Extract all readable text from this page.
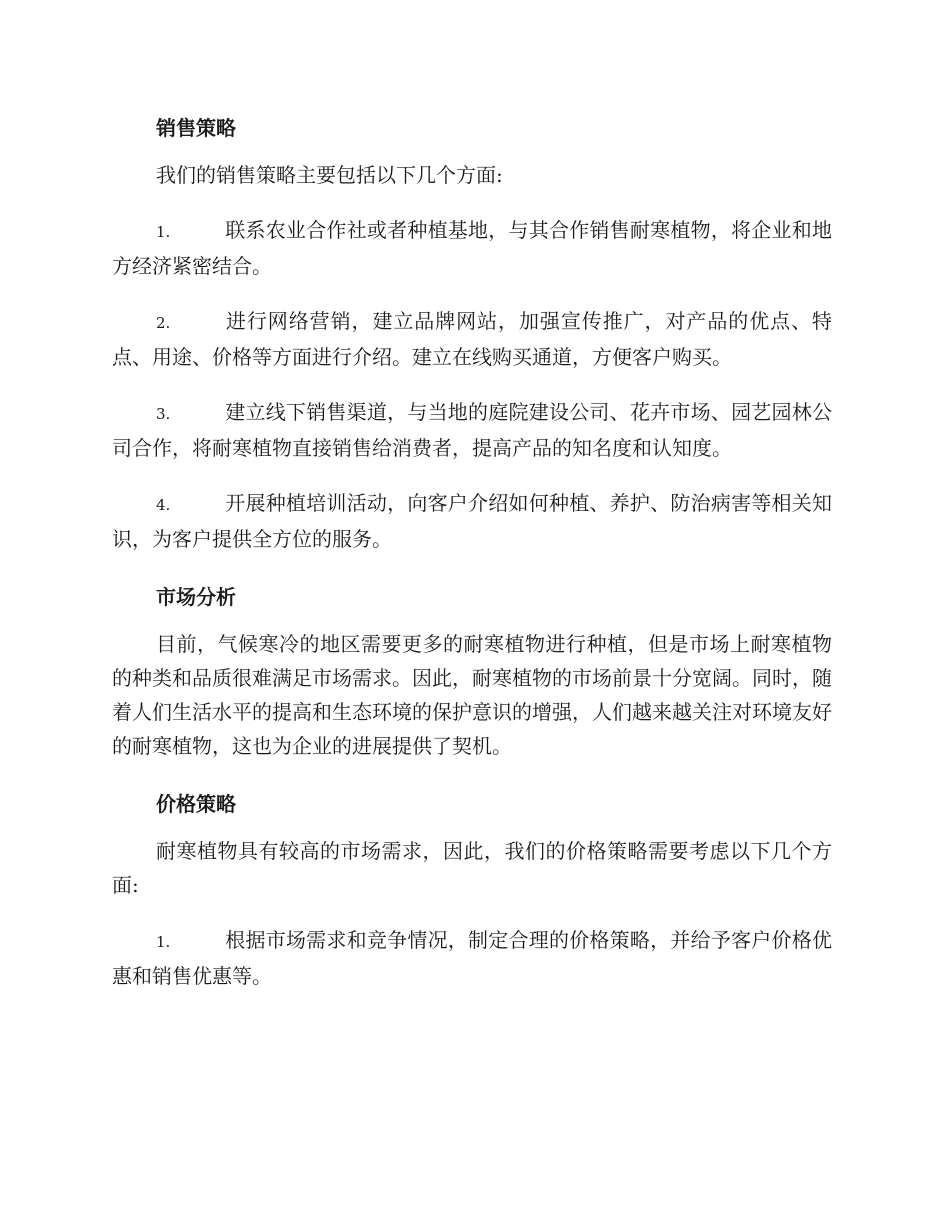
销售策略

我们的销售策略主要包括以下几个方面:

1.	联系农业合作社或者种植基地，与其合作销售耐寒植物，将企业和地方经济紧密结合。

2.	进行网络营销，建立品牌网站，加强宣传推广，对产品的优点、特点、用途、价格等方面进行介绍。建立在线购买通道，方便客户购买。

3.	建立线下销售渠道，与当地的庭院建设公司、花卉市场、园艺园林公司合作，将耐寒植物直接销售给消费者，提高产品的知名度和认知度。

4.	开展种植培训活动，向客户介绍如何种植、养护、防治病害等相关知识，为客户提供全方位的服务。

市场分析

目前，气候寒冷的地区需要更多的耐寒植物进行种植，但是市场上耐寒植物的种类和品质很难满足市场需求。因此，耐寒植物的市场前景十分宽阔。同时，随着人们生活水平的提高和生态环境的保护意识的增强，人们越来越关注对环境友好的耐寒植物，这也为企业的进展提供了契机。

价格策略

耐寒植物具有较高的市场需求，因此，我们的价格策略需要考虑以下几个方面:

1.	根据市场需求和竞争情况，制定合理的价格策略，并给予客户价格优惠和销售优惠等。
